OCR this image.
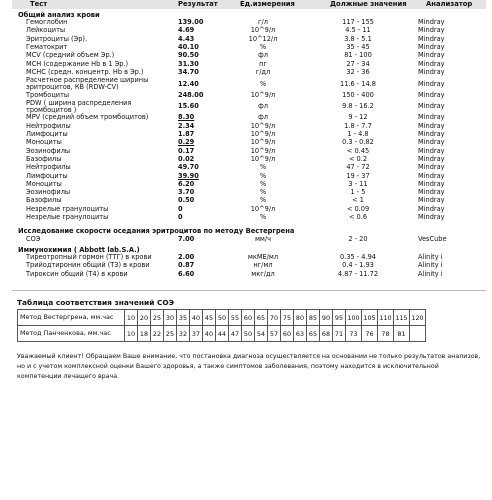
Тест	Результат	Ед.измерения	Должные значения	Анализатор
Общий анализ крови
Гемоглобин	139.00	г/л	117 - 155	Mindray
Лейкоциты	4.69	10^9/л	4.5 - 11	Mindray
Эритроциты (Эр).	4.43	10^12/л	3.8 - 5.1	Mindray
Гематокрит	40.10	%	35 - 45	Mindray
MCV (средний объем Эр.)	90.50	фл	81 - 100	Mindray
MCH (содержание Hb в 1 Эр.)	31.30	пг	27 - 34	Mindray
MCHC (средн. концентр. Hb в Эр.)	34.70	г/дл	32 - 36	Mindray
Расчетное распределение ширины	12.40	%	11.6 - 14.8	Mindray
эритроцитов, КВ (RDW-CV)
Тромбоциты	248.00	10^9/л	150 - 400	Mindray
PDW ( ширина распределения	15.60	фл	9.8 - 16.2	Mindray
тромбоцитов )
MPV (средний объем тромбоцитов)	8.30	фл	9 - 12	Mindray
Нейтрофилы	2.34	10^9/л	1.8 - 7.7	Mindray
Лимфоциты	1.87	10^9/л	1 - 4.8	Mindray
Моноциты	0.29	10^9/л	0.3 - 0.82	Mindray
Эозинофилы	0.17	10^9/л	< 0.45	Mindray
Базофилы	0.02	10^9/л	< 0.2	Mindray
Нейтрофилы	49.70	%	47 - 72	Mindray
Лимфоциты	39.90	%	19 - 37	Mindray
Моноциты	6.20	%	3 - 11	Mindray
Эозинофилы	3.70	%	1 - 5	Mindray
Базофилы	0.50	%	< 1	Mindray
Незрелые гранулоциты	0	10^9/л	< 0.09	Mindray
Незрелые гранулоциты	0	%	< 0.6	Mindray
Исследование скорости оседания эритроцитов по методу Вестергрена
СОЭ	7.00	мм/ч	2 - 20	VesCube
Иммунохимия ( Abbott lab.S.A.)
Тиреотропный гормон (ТТГ) в крови	2.00	мкМЕ/мл	0.35 - 4.94	Alinity i
Трийодтиронин общий (Т3) в крови	0.87	нг/мл	0.4 - 1.93	Alinity i
Тироксин общий (Т4) в крови	6.60	мкг/дл	4.87 - 11.72	Alinity i
Таблица соответствия значений СОЭ
Метод Вестергрена, мм.час	10	20	25	30	35	40	45	50	55	60	65	70	75	80	85	90	95	100	105	110	115	120
Метод Панченкова, мм.час	10	18	22	25	32	37	40	44	47	50	54	57	60	63	65	68	71	73	76	78	81	
Уважаемый клиент! Обращаем Ваше внимание, что постановка диагноза осуществляется на основании не только результатов анализов, но и с учетом комплексной оценки Вашего здоровья, а также симптомов заболевания, поэтому находится в исключительной компетенции лечащего врача.
